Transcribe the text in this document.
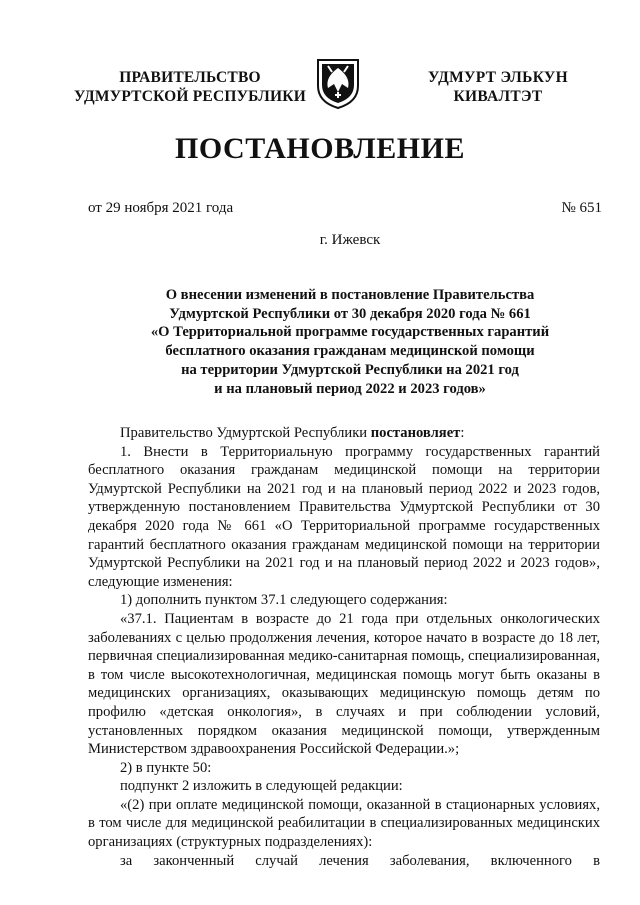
ПРАВИТЕЛЬСТВО
УДМУРТСКОЙ РЕСПУБЛИКИ
УДМУРТ ЭЛЬКУН
КИВАЛТЭТ
ПОСТАНОВЛЕНИЕ
от 29 ноября 2021 года	№ 651
г. Ижевск
О внесении изменений в постановление Правительства
Удмуртской Республики от 30 декабря 2020 года № 661
«О Территориальной программе государственных гарантий
бесплатного оказания гражданам медицинской помощи
на территории Удмуртской Республики на 2021 год
и на плановый период 2022 и 2023 годов»

Правительство Удмуртской Республики постановляет:

1. Внести в Территориальную программу государственных гарантий бесплатного оказания гражданам медицинской помощи на территории Удмуртской Республики на 2021 год и на плановый период 2022 и 2023 годов, утвержденную постановлением Правительства Удмуртской Республики от 30 декабря 2020 года № 661 «О Территориальной программе государственных гарантий бесплатного оказания гражданам медицинской помощи на территории Удмуртской Республики на 2021 год и на плановый период 2022 и 2023 годов», следующие изменения:

1) дополнить пунктом 37.1 следующего содержания:

«37.1. Пациентам в возрасте до 21 года при отдельных онкологических заболеваниях с целью продолжения лечения, которое начато в возрасте до 18 лет, первичная специализированная медико-санитарная помощь, специализированная, в том числе высокотехнологичная, медицинская помощь могут быть оказаны в медицинских организациях, оказывающих медицинскую помощь детям по профилю «детская онкология», в случаях и при соблюдении условий, установленных порядком оказания медицинской помощи, утвержденным Министерством здравоохранения Российской Федерации.»;

2) в пункте 50:

подпункт 2 изложить в следующей редакции:

«(2) при оплате медицинской помощи, оказанной в стационарных условиях, в том числе для медицинской реабилитации в специализированных медицинских организациях (структурных подразделениях):

за законченный случай лечения заболевания, включенного в
